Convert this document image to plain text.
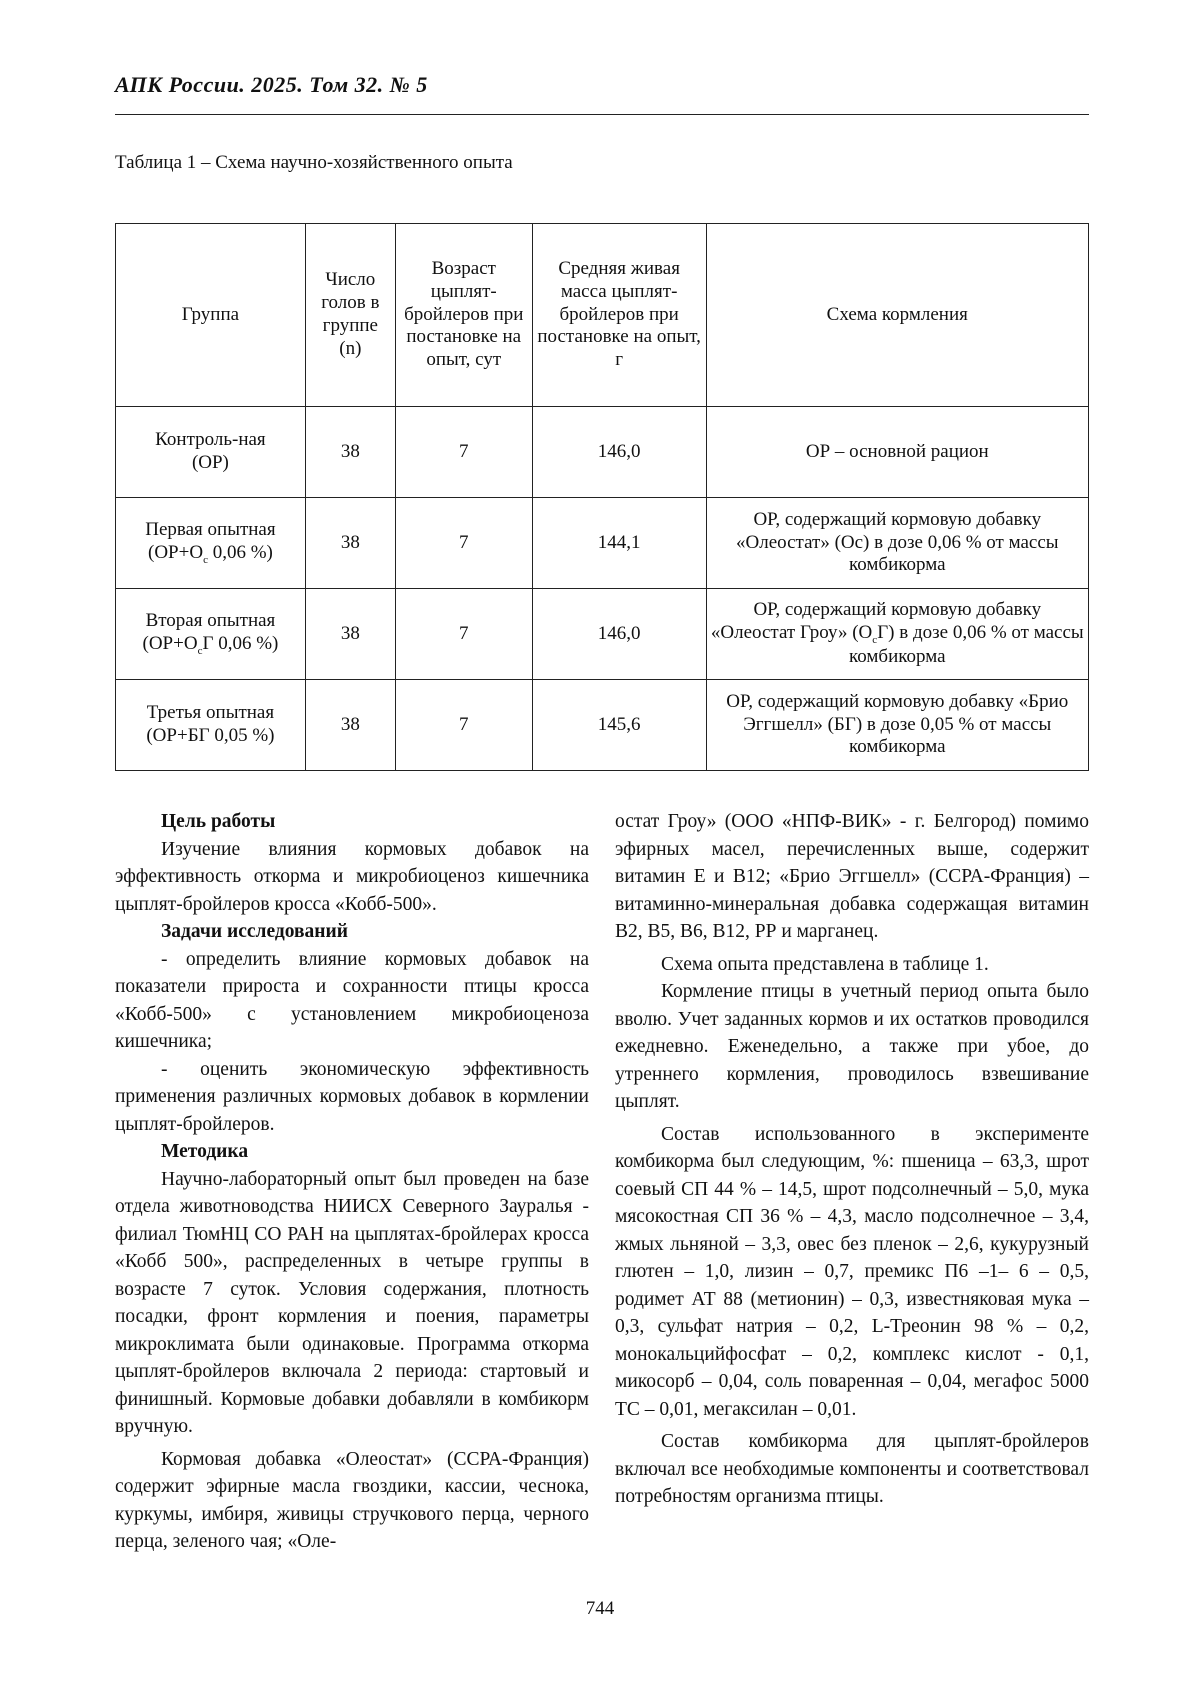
АПК России. 2025. Том 32. № 5
Таблица 1 – Схема научно-хозяйственного опыта
Группа	Число голов в группе (n)	Возраст цыплят-бройлеров при постановке на опыт, сут	Средняя живая масса цыплят-бройлеров при постановке на опыт, г	Схема кормления
Контроль-ная (ОР)	38	7	146,0	ОР – основной рацион
Первая опытная ($ОР+О_с$ 0,06 %)	38	7	144,1	ОР, содержащий кормовую добавку «Олеостат» (Ос) в дозе 0,06 % от массы комбикорма
Вторая опытная ($ОР+О_сГ$ 0,06 %)	38	7	146,0	ОР, содержащий кормовую добавку «Олеостат Гроу» $(О_сГ)$ в дозе 0,06 % от массы комбикорма
Третья опытная (ОР+БГ 0,05 %)	38	7	145,6	ОР, содержащий кормовую добавку «Брио Эггшелл» (БГ) в дозе 0,05 % от массы комбикорма
Цель работы

Изучение влияния кормовых добавок на эффективность откорма и микробиоценоз кишечника цыплят-бройлеров кросса «Кобб-500».

Задачи исследований

- определить влияние кормовых добавок на показатели прироста и сохранности птицы кросса «Кобб-500» с установлением микробиоценоза кишечника;

- оценить экономическую эффективность применения различных кормовых добавок в кормлении цыплят-бройлеров.

Методика

Научно-лабораторный опыт был проведен на базе отдела животноводства НИИСХ Северного Зауралья - филиал ТюмНЦ СО РАН на цыплятах-бройлерах кросса «Кобб 500», распределенных в четыре группы в возрасте 7 суток. Условия содержания, плотность посадки, фронт кормления и поения, параметры микроклимата были одинаковые. Программа откорма цыплят-бройлеров включала 2 периода: стартовый и финишный. Кормовые добавки добавляли в комбикорм вручную.

Кормовая добавка «Олеостат» (ССРА-Франция) содержит эфирные масла гвоздики, кассии, чеснока, куркумы, имбиря, живицы стручкового перца, черного перца, зеленого чая; «Оле-

остат Гроу» (ООО «НПФ-ВИК» - г. Белгород) помимо эфирных масел, перечисленных выше, содержит витамин Е и В12; «Брио Эггшелл» (ССРА-Франция) – витаминно-минеральная добавка содержащая витамин В2, В5, В6, В12, РР и марганец.

Схема опыта представлена в таблице 1.

Кормление птицы в учетный период опыта было вволю. Учет заданных кормов и их остатков проводился ежедневно. Еженедельно, а также при убое, до утреннего кормления, проводилось взвешивание цыплят.

Состав использованного в эксперименте комбикорма был следующим, %: пшеница – 63,3, шрот соевый СП 44 % – 14,5, шрот подсолнечный – 5,0, мука мясокостная СП 36 % – 4,3, масло подсолнечное – 3,4, жмых льняной – 3,3, овес без пленок – 2,6, кукурузный глютен – 1,0, лизин – 0,7, премикс П6 –1– 6 – 0,5, родимет АТ 88 (метионин) – 0,3, известняковая мука – 0,3, сульфат натрия – 0,2, L-Треонин 98 % – 0,2, монокальцийфосфат – 0,2, комплекс кислот - 0,1, микосорб – 0,04, соль поваренная – 0,04, мегафос 5000 ТС – 0,01, мегаксилан – 0,01.

Состав комбикорма для цыплят-бройлеров включал все необходимые компоненты и соответствовал потребностям организма птицы.

744
